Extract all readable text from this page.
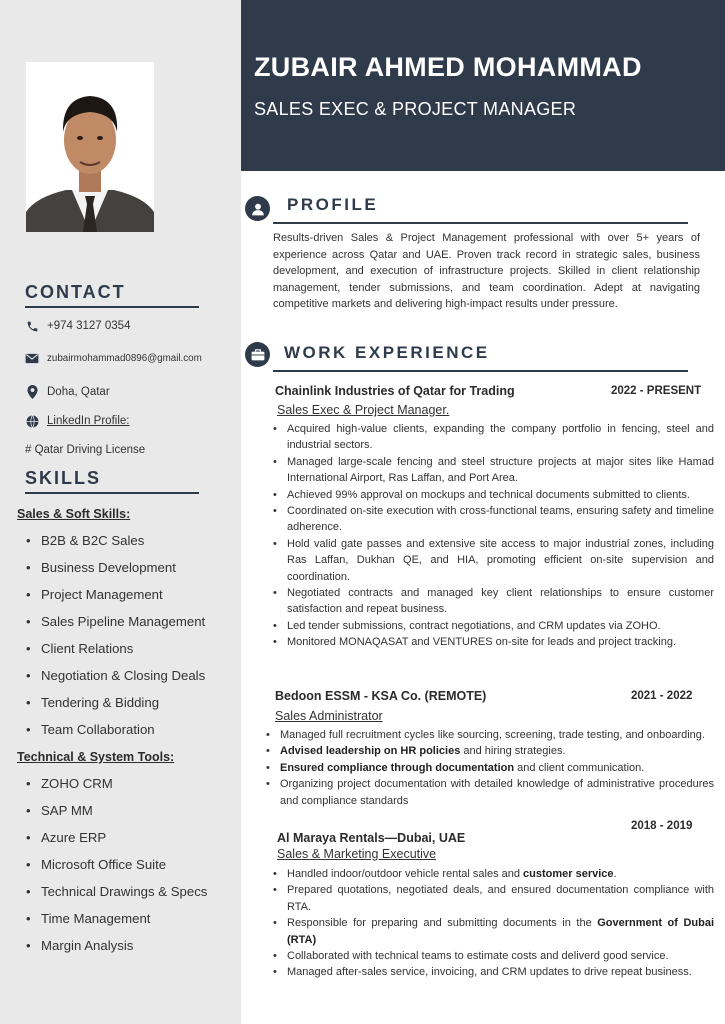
ZUBAIR AHMED MOHAMMAD
SALES EXEC & PROJECT MANAGER
CONTACT
+974 3127 0354
zubairmohammad0896@gmail.com
Doha, Qatar
LinkedIn Profile:
# Qatar Driving License
SKILLS
Sales & Soft Skills:
• B2B & B2C Sales
• Business Development
• Project Management
• Sales Pipeline Management
• Client Relations
• Negotiation & Closing Deals
• Tendering & Bidding
• Team Collaboration
Technical & System Tools:
• ZOHO CRM
• SAP MM
• Azure ERP
• Microsoft Office Suite
• Technical Drawings & Specs
• Time Management
• Margin Analysis
PROFILE
Results-driven Sales & Project Management professional with over 5+ years of experience across Qatar and UAE. Proven track record in strategic sales, business development, and execution of infrastructure projects. Skilled in client relationship management, tender submissions, and team coordination. Adept at navigating competitive markets and delivering high-impact results under pressure.
WORK EXPERIENCE
Chainlink Industries of Qatar for Trading	2022 - PRESENT
Sales Exec & Project Manager.
• Acquired high-value clients, expanding the company portfolio in fencing, steel and industrial sectors.
• Managed large-scale fencing and steel structure projects at major sites like Hamad International Airport, Ras Laffan, and Port Area.
• Achieved 99% approval on mockups and technical documents submitted to clients.
• Coordinated on-site execution with cross-functional teams, ensuring safety and timeline adherence.
• Hold valid gate passes and extensive site access to major industrial zones, including Ras Laffan, Dukhan QE, and HIA, promoting efficient on-site supervision and coordination.
• Negotiated contracts and managed key client relationships to ensure customer satisfaction and repeat business.
• Led tender submissions, contract negotiations, and CRM updates via ZOHO.
• Monitored MONAQASAT and VENTURES on-site for leads and project tracking.
Bedoon ESSM - KSA Co. (REMOTE)	2021 - 2022
Sales Administrator
• Managed full recruitment cycles like sourcing, screening, trade testing, and onboarding.
• Advised leadership on HR policies and hiring strategies.
• Ensured compliance through documentation and client communication.
• Organizing project documentation with detailed knowledge of administrative procedures and compliance standards
Al Maraya Rentals—Dubai, UAE
2018 - 2019
Sales & Marketing Executive
• Handled indoor/outdoor vehicle rental sales and customer service.
• Prepared quotations, negotiated deals, and ensured documentation compliance with RTA.
• Responsible for preparing and submitting documents in the Government of Dubai (RTA)
• Collaborated with technical teams to estimate costs and deliverd good service.
• Managed after-sales service, invoicing, and CRM updates to drive repeat business.
